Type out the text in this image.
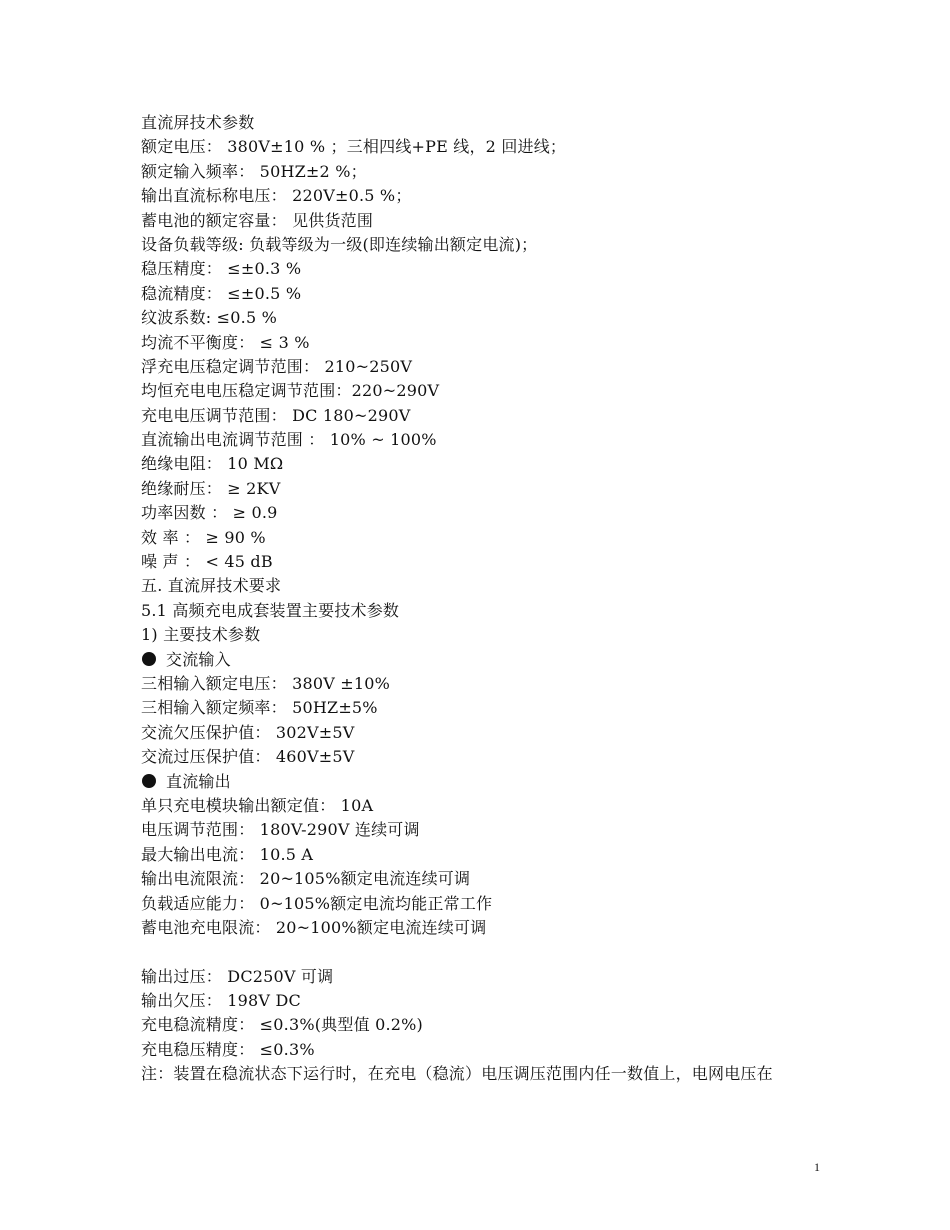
直流屏技术参数
额定电压： 380V±10 % ；三相四线+PE 线，2 回进线；
额定输入频率： 50HZ±2 %；
输出直流标称电压： 220V±0.5 %；
蓄电池的额定容量： 见供货范围
设备负载等级: 负载等级为一级(即连续输出额定电流)；
稳压精度： ≤±0.3 %
稳流精度： ≤±0.5 %
纹波系数: ≤0.5 %
均流不平衡度： ≤ 3 %
浮充电压稳定调节范围： 210~250V
均恒充电电压稳定调节范围：220~290V
充电电压调节范围： DC 180~290V
直流输出电流调节范围 ： 10% ~ 100%
绝缘电阻： 10 MΩ
绝缘耐压： ≥ 2KV
功率因数 ： ≥ 0.9
效 率 ： ≥ 90 %
噪 声 ： < 45 dB
五. 直流屏技术要求
5.1 高频充电成套装置主要技术参数
1) 主要技术参数
交流输入
三相输入额定电压： 380V ±10%
三相输入额定频率： 50HZ±5%
交流欠压保护值： 302V±5V
交流过压保护值： 460V±5V
直流输出
单只充电模块输出额定值： 10A
电压调节范围： 180V-290V 连续可调
最大输出电流： 10.5 A
输出电流限流： 20~105%额定电流连续可调
负载适应能力： 0~105%额定电流均能正常工作
蓄电池充电限流： 20~100%额定电流连续可调
输出过压： DC250V 可调
输出欠压： 198V DC
充电稳流精度： ≤0.3%(典型值 0.2%)
充电稳压精度： ≤0.3%
注：装置在稳流状态下运行时，在充电（稳流）电压调压范围内任一数值上，电网电压在
1
